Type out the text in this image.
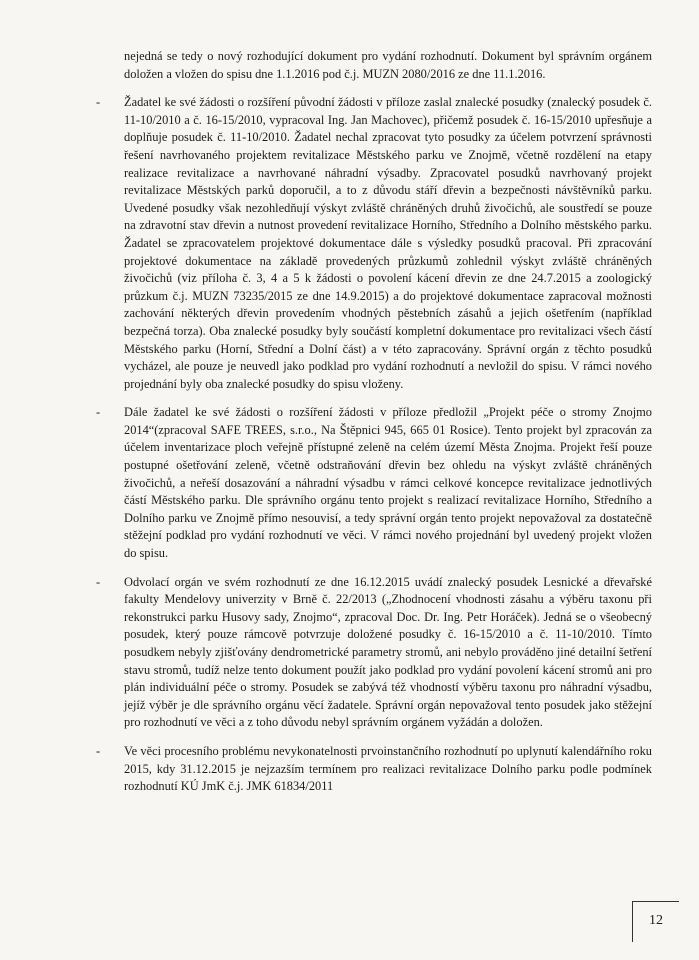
nejedná se tedy o nový rozhodující dokument pro vydání rozhodnutí. Dokument byl správním orgánem doložen a vložen do spisu dne 1.1.2016 pod č.j. MUZN 2080/2016 ze dne 11.1.2016.

- Žadatel ke své žádosti o rozšíření původní žádosti v příloze zaslal znalecké posudky (znalecký posudek č. 11-10/2010 a č. 16-15/2010, vypracoval Ing. Jan Machovec), přičemž posudek č. 16-15/2010 upřesňuje a doplňuje posudek č. 11-10/2010. Žadatel nechal zpracovat tyto posudky za účelem potvrzení správnosti řešení navrhovaného projektem revitalizace Městského parku ve Znojmě, včetně rozdělení na etapy realizace revitalizace a navrhované náhradní výsadby. Zpracovatel posudků navrhovaný projekt revitalizace Městských parků doporučil, a to z důvodu stáří dřevin a bezpečnosti návštěvníků parku. Uvedené posudky však nezohledňují výskyt zvláště chráněných druhů živočichů, ale soustředí se pouze na zdravotní stav dřevin a nutnost provedení revitalizace Horního, Středního a Dolního městského parku. Žadatel se zpracovatelem projektové dokumentace dále s výsledky posudků pracoval. Při zpracování projektové dokumentace na základě provedených průzkumů zohlednil výskyt zvláště chráněných živočichů (viz příloha č. 3, 4 a 5 k žádosti o povolení kácení dřevin ze dne 24.7.2015 a zoologický průzkum č.j. MUZN 73235/2015 ze dne 14.9.2015) a do projektové dokumentace zapracoval možnosti zachování některých dřevin provedením vhodných pěstebních zásahů a jejich ošetřením (například bezpečná torza). Oba znalecké posudky byly součástí kompletní dokumentace pro revitalizaci všech částí Městského parku (Horní, Střední a Dolní část) a v této zapracovány. Správní orgán z těchto posudků vycházel, ale pouze je neuvedl jako podklad pro vydání rozhodnutí a nevložil do spisu. V rámci nového projednání byly oba znalecké posudky do spisu vloženy.
- Dále žadatel ke své žádosti o rozšíření žádosti v příloze předložil „Projekt péče o stromy Znojmo 2014“(zpracoval SAFE TREES, s.r.o., Na Štěpnici 945, 665 01 Rosice). Tento projekt byl zpracován za účelem inventarizace ploch veřejně přístupné zeleně na celém území Města Znojma. Projekt řeší pouze postupné ošetřování zeleně, včetně odstraňování dřevin bez ohledu na výskyt zvláště chráněných živočichů, a neřeší dosazování a náhradní výsadbu v rámci celkové koncepce revitalizace jednotlivých částí Městského parku. Dle správního orgánu tento projekt s realizací revitalizace Horního, Středního a Dolního parku ve Znojmě přímo nesouvisí, a tedy správní orgán tento projekt nepovažoval za dostatečně stěžejní podklad pro vydání rozhodnutí ve věci. V rámci nového projednání byl uvedený projekt vložen do spisu.
- Odvolací orgán ve svém rozhodnutí ze dne 16.12.2015 uvádí znalecký posudek Lesnické a dřevařské fakulty Mendelovy univerzity v Brně č. 22/2013 („Zhodnocení vhodnosti zásahu a výběru taxonu při rekonstrukci parku Husovy sady, Znojmo“, zpracoval Doc. Dr. Ing. Petr Horáček). Jedná se o všeobecný posudek, který pouze rámcově potvrzuje doložené posudky č. 16-15/2010 a č. 11-10/2010. Tímto posudkem nebyly zjišťovány dendrometrické parametry stromů, ani nebylo prováděno jiné detailní šetření stavu stromů, tudíž nelze tento dokument použít jako podklad pro vydání povolení kácení stromů ani pro plán individuální péče o stromy. Posudek se zabývá též vhodností výběru taxonu pro náhradní výsadbu, jejíž výběr je dle správního orgánu věcí žadatele. Správní orgán nepovažoval tento posudek jako stěžejní pro rozhodnutí ve věci a z toho důvodu nebyl správním orgánem vyžádán a doložen.
- Ve věci procesního problému nevykonatelnosti prvoinstančního rozhodnutí po uplynutí kalendářního roku 2015, kdy 31.12.2015 je nejzazším termínem pro realizaci revitalizace Dolního parku podle podmínek rozhodnutí KÚ JmK č.j. JMK 61834/2011
12
